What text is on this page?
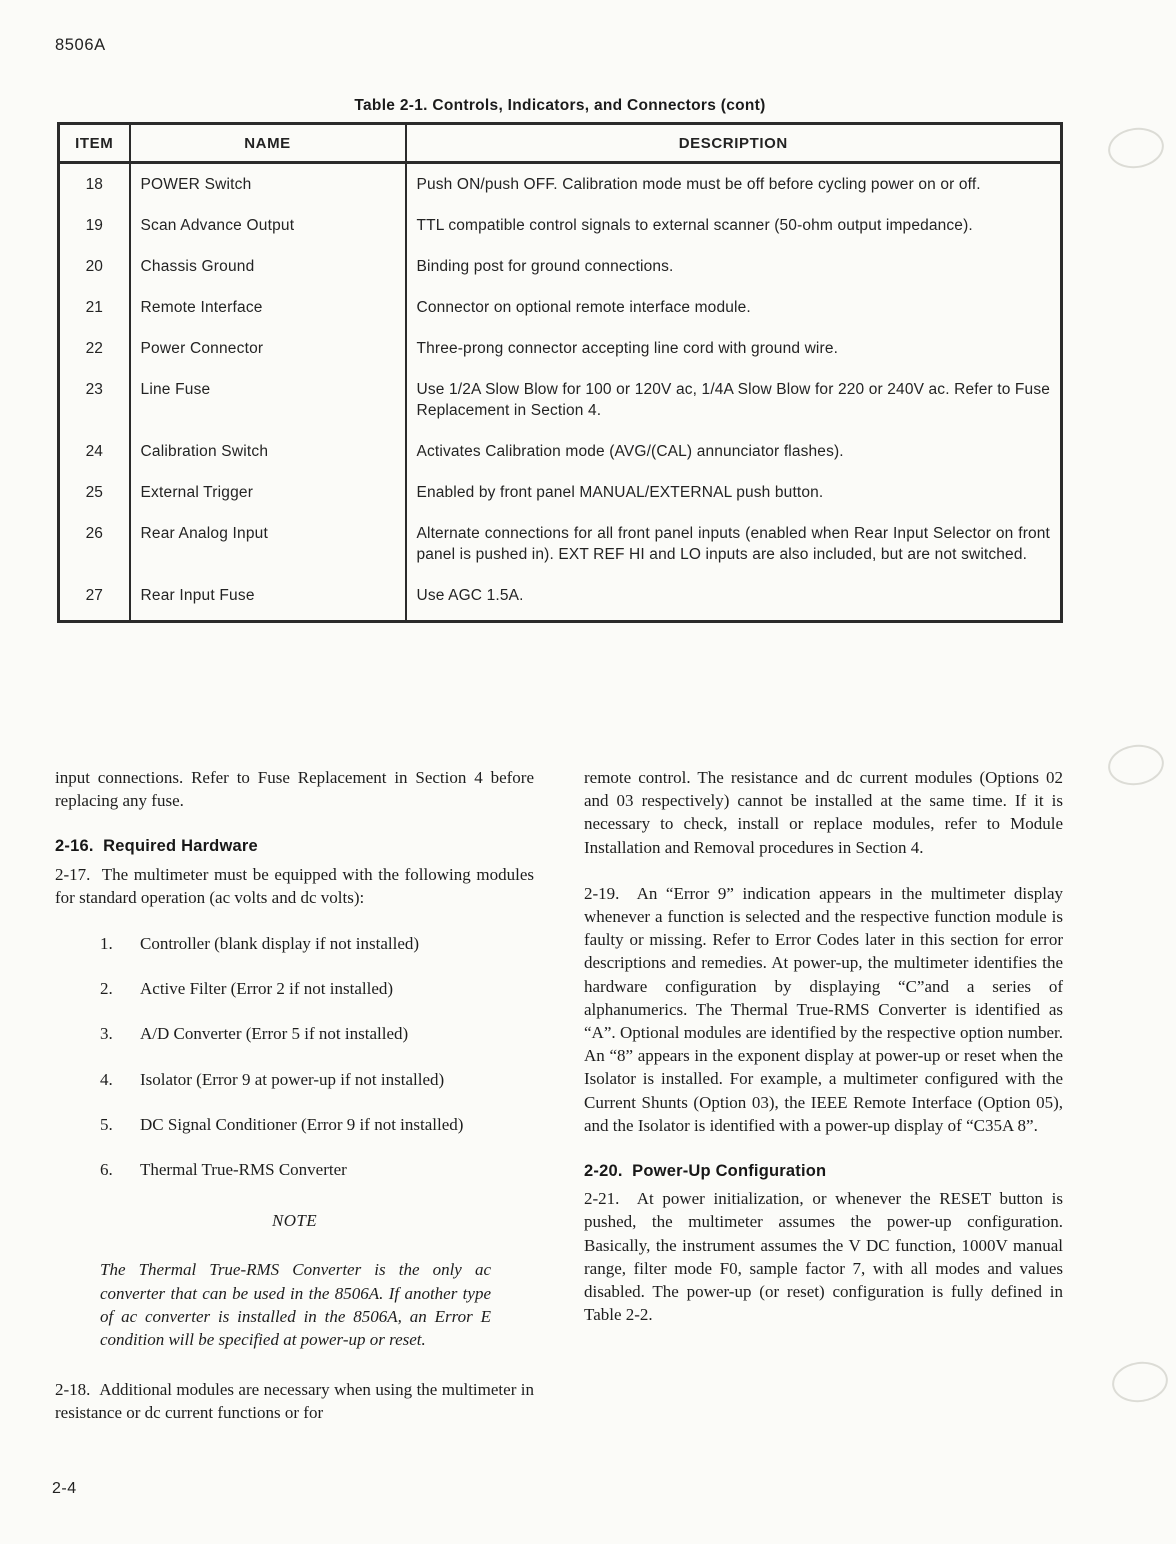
8506A
Table 2-1. Controls, Indicators, and Connectors (cont)
ITEM	NAME	DESCRIPTION
18	POWER Switch	Push ON/push OFF. Calibration mode must be off before cycling power on or off.
19	Scan Advance Output	TTL compatible control signals to external scanner (50-ohm output impedance).
20	Chassis Ground	Binding post for ground connections.
21	Remote Interface	Connector on optional remote interface module.
22	Power Connector	Three-prong connector accepting line cord with ground wire.
23	Line Fuse	Use 1/2A Slow Blow for 100 or 120V ac, 1/4A Slow Blow for 220 or 240V ac. Refer to Fuse Replacement in Section 4.
24	Calibration Switch	Activates Calibration mode (AVG/(CAL) annunciator flashes).
25	External Trigger	Enabled by front panel MANUAL/EXTERNAL push button.
26	Rear Analog Input	Alternate connections for all front panel inputs (enabled when Rear Input Selector on front panel is pushed in). EXT REF HI and LO inputs are also included, but are not switched.
27	Rear Input Fuse	Use AGC 1.5A.

input connections. Refer to Fuse Replacement in Section 4 before replacing any fuse.

2-16.  Required Hardware

2-17.  The multimeter must be equipped with the following modules for standard operation (ac volts and dc volts):

1. Controller (blank display if not installed)
2. Active Filter (Error 2 if not installed)
3. A/D Converter (Error 5 if not installed)
4. Isolator (Error 9 at power-up if not installed)
5. DC Signal Conditioner (Error 9 if not installed)
6. Thermal True-RMS Converter
NOTE

The Thermal True-RMS Converter is the only ac converter that can be used in the 8506A. If another type of ac converter is installed in the 8506A, an Error E condition will be specified at power-up or reset.

2-18.  Additional modules are necessary when using the multimeter in resistance or dc current functions or for

remote control. The resistance and dc current modules (Options 02 and 03 respectively) cannot be installed at the same time. If it is necessary to check, install or replace modules, refer to Module Installation and Removal procedures in Section 4.

2-19.  An “Error 9” indication appears in the multimeter display whenever a function is selected and the respective function module is faulty or missing. Refer to Error Codes later in this section for error descriptions and remedies. At power-up, the multimeter identifies the hardware configuration by displaying “C”and a series of alphanumerics. The Thermal True-RMS Converter is identified as “A”. Optional modules are identified by the respective option number. An “8” appears in the exponent display at power-up or reset when the Isolator is installed. For example, a multimeter configured with the Current Shunts (Option 03), the IEEE Remote Interface (Option 05), and the Isolator is identified with a power-up display of “C35A 8”.

2-20.  Power-Up Configuration

2-21.  At power initialization, or whenever the RESET button is pushed, the multimeter assumes the power-up configuration. Basically, the instrument assumes the V DC function, 1000V manual range, filter mode F0, sample factor 7, with all modes and values disabled. The power-up (or reset) configuration is fully defined in Table 2-2.

2-4
